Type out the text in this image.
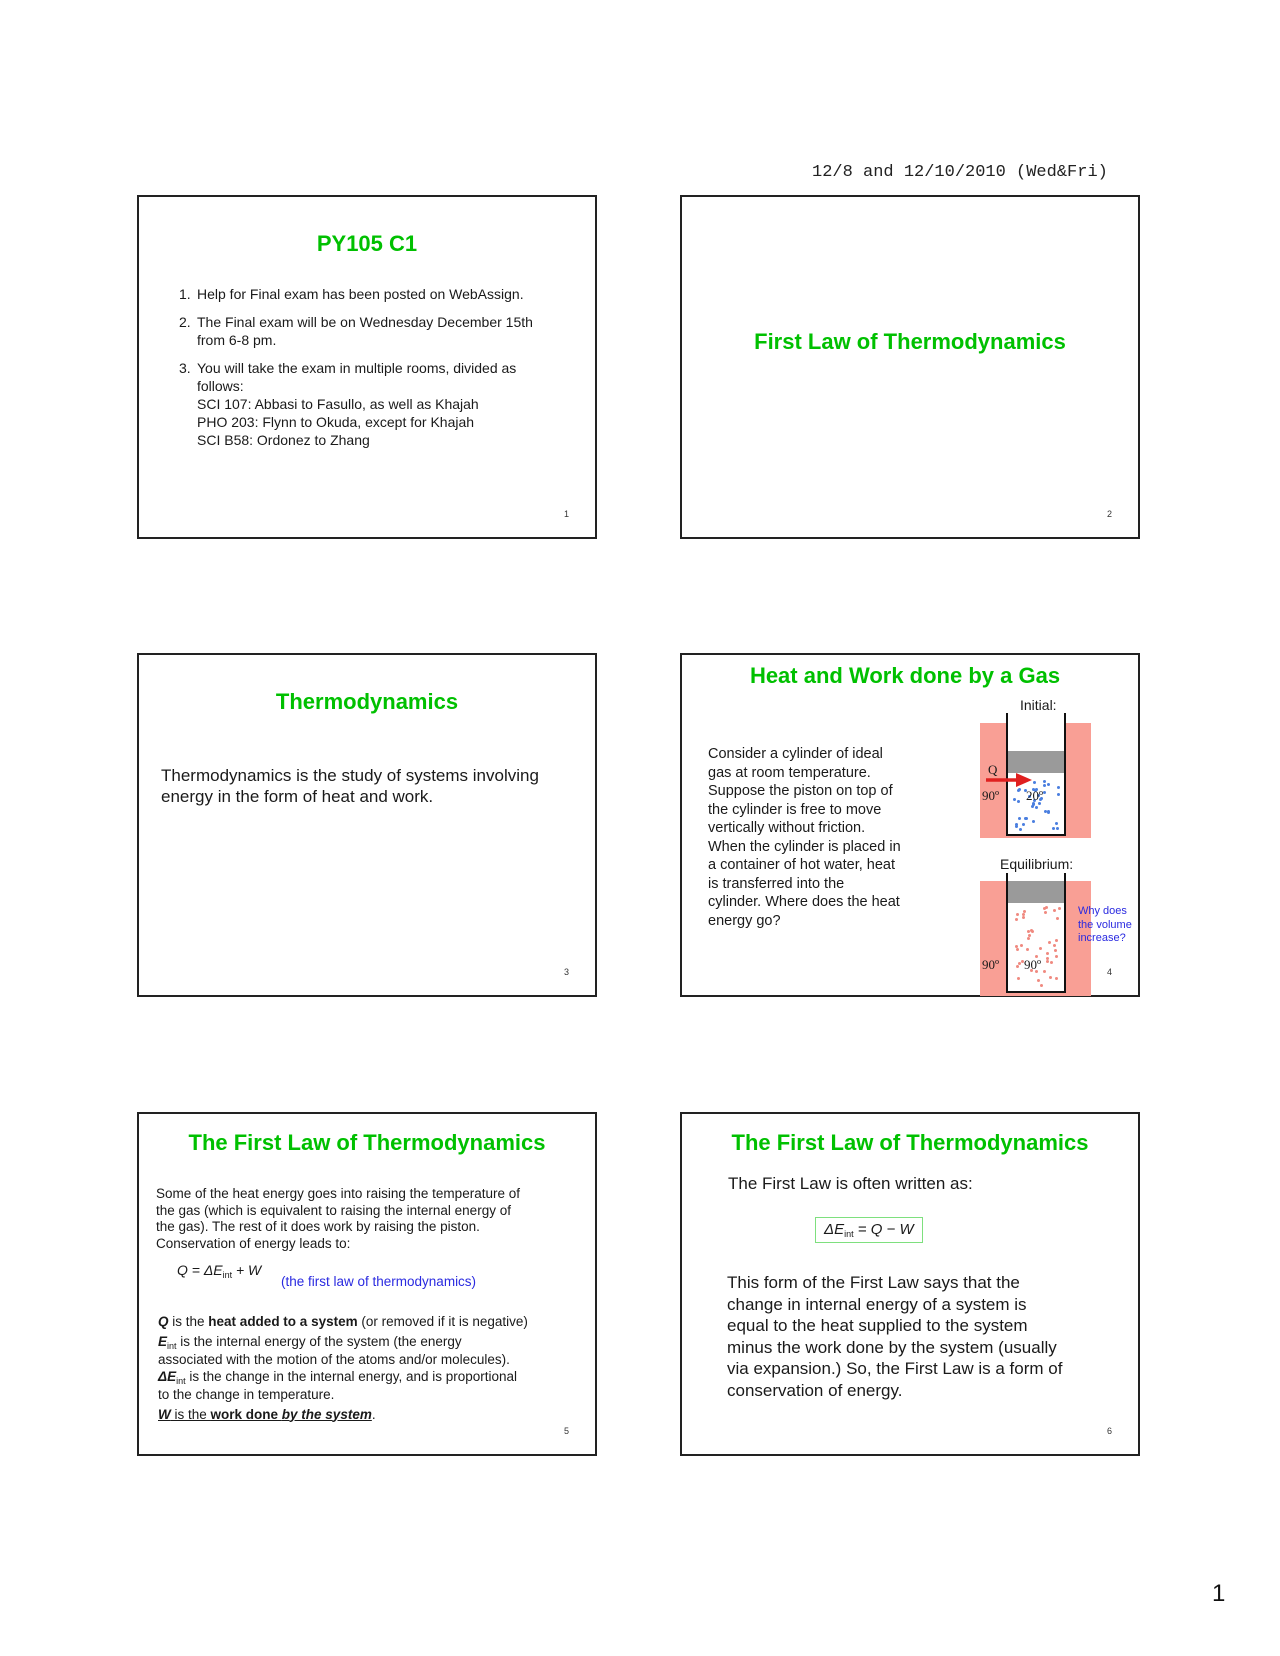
12/8 and 12/10/2010 (Wed&Fri)
PY105 C1
1. Help for Final exam has been posted on WebAssign.
2. The Final exam will be on Wednesday December 15th
from 6-8 pm.
3. You will take the exam in multiple rooms, divided as
follows:
SCI 107: Abbasi to Fasullo, as well as Khajah
PHO 203: Flynn to Okuda, except for Khajah
SCI B58: Ordonez to Zhang
1
First Law of Thermodynamics
2
Thermodynamics
Thermodynamics is the study of systems involving
energy in the form of heat and work.
3
Heat and Work done by a Gas
Consider a cylinder of ideal
gas at room temperature.
Suppose the piston on top of
the cylinder is free to move
vertically without friction.
When the cylinder is placed in
a container of hot water, heat
is transferred into the
cylinder. Where does the heat
energy go?
Initial:
Q
90º 20º
Equilibrium:
90º 90º
Why does
the volume
increase?
4
The First Law of Thermodynamics
Some of the heat energy goes into raising the temperature of
the gas (which is equivalent to raising the internal energy of
the gas). The rest of it does work by raising the piston.
Conservation of energy leads to:
$Q = \Delta E_{int} + W$
(the first law of thermodynamics)
Q is the heat added to a system (or removed if it is negative)
$E_{int}$ is the internal energy of the system (the energy
associated with the motion of the atoms and/or molecules).
$\Delta E_{int}$ is the change in the internal energy, and is proportional
to the change in temperature.
W is the work done by the system.
5
The First Law of Thermodynamics
The First Law is often written as:
$\Delta E_{int} = Q - W$
This form of the First Law says that the
change in internal energy of a system is
equal to the heat supplied to the system
minus the work done by the system (usually
via expansion.) So, the First Law is a form of
conservation of energy.
6
1
